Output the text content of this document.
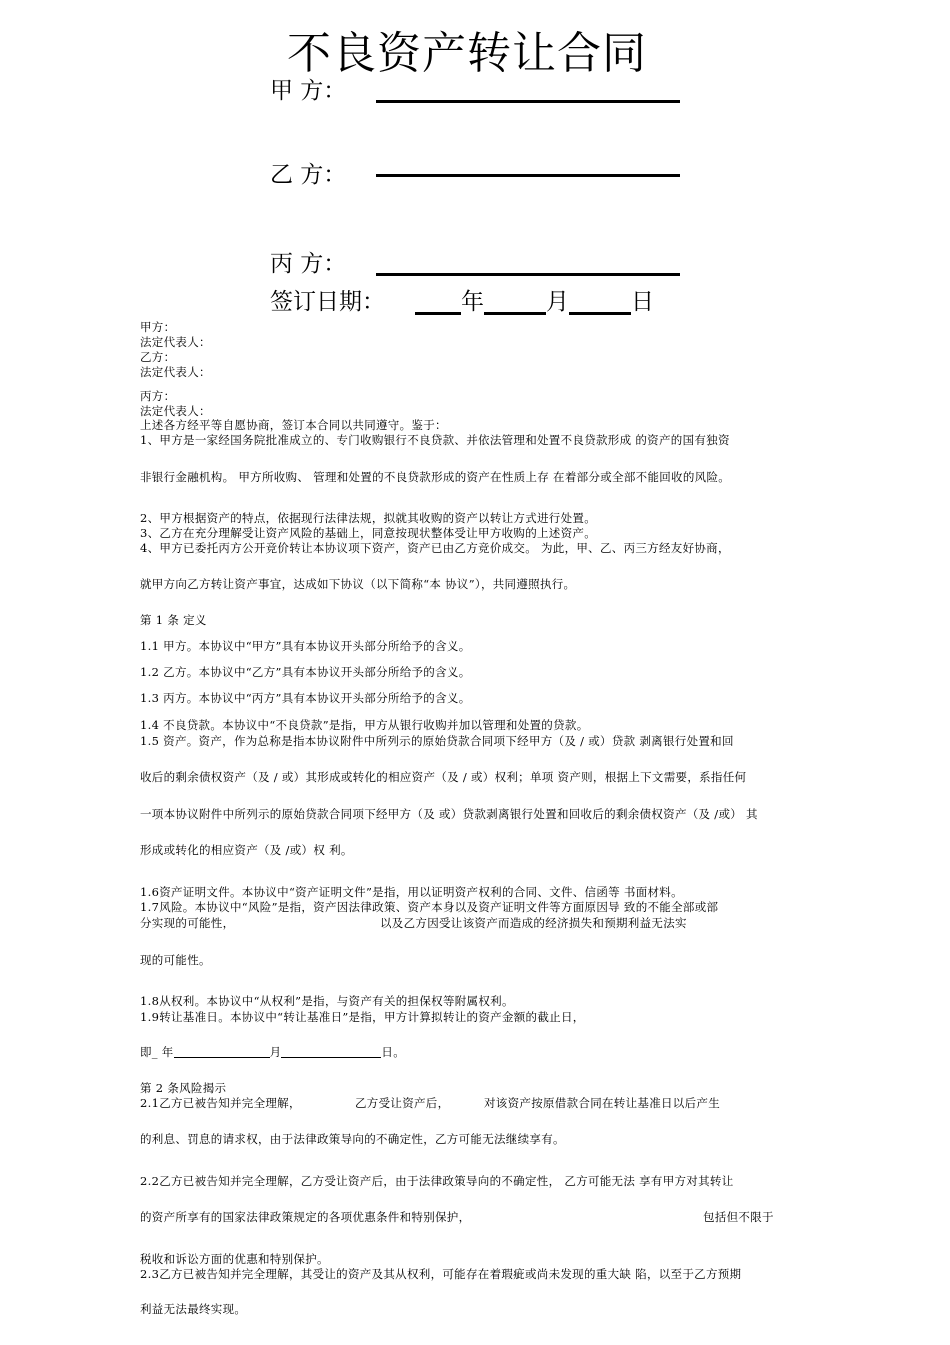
不良资产转让合同
甲 方：
乙 方：
丙 方：
签订日期：	年	月	日
甲方：
法定代表人：
乙方：
法定代表人：
丙方：
法定代表人：
上述各方经平等自愿协商，签订本合同以共同遵守。鉴于：
1、甲方是一家经国务院批准成立的、专门收购银行不良贷款、并依法管理和处置不良贷款形成 的资产的国有独资
非银行金融机构。 甲方所收购、 管理和处置的不良贷款形成的资产在性质上存 在着部分或全部不能回收的风险。
2、甲方根据资产的特点，依据现行法律法规，拟就其收购的资产以转让方式进行处置。
3、乙方在充分理解受让资产风险的基础上，同意按现状整体受让甲方收购的上述资产。
4、甲方已委托丙方公开竞价转让本协议项下资产，资产已由乙方竞价成交。 为此，甲、乙、丙三方经友好协商，
就甲方向乙方转让资产事宜，达成如下协议（以下简称“本 协议”），共同遵照执行。
第 1 条 定义
1.1 甲方。本协议中“甲方”具有本协议开头部分所给予的含义。
1.2 乙方。本协议中“乙方”具有本协议开头部分所给予的含义。
1.3 丙方。本协议中“丙方”具有本协议开头部分所给予的含义。
1.4 不良贷款。本协议中“不良贷款”是指，甲方从银行收购并加以管理和处置的贷款。
1.5 资产。资产，作为总称是指本协议附件中所列示的原始贷款合同项下经甲方（及 / 或）贷款 剥离银行处置和回
收后的剩余债权资产（及 / 或）其形成或转化的相应资产（及 / 或）权利；单项 资产则，根据上下文需要，系指任何
一项本协议附件中所列示的原始贷款合同项下经甲方（及 或）贷款剥离银行处置和回收后的剩余债权资产（及 /或） 其
形成或转化的相应资产（及 /或）权 利。
1.6资产证明文件。本协议中“资产证明文件”是指，用以证明资产权利的合同、文件、信函等 书面材料。
1.7风险。本协议中“风险”是指，资产因法律政策、资产本身以及资产证明文件等方面原因导 致的不能全部或部
分实现的可能性，	以及乙方因受让该资产而造成的经济损失和预期利益无法实
现的可能性。
1.8从权利。本协议中“从权利”是指，与资产有关的担保权等附属权利。
1.9转让基准日。本协议中“转让基准日”是指，甲方计算拟转让的资产金额的截止日，
即_ 年	月	日。
第 2 条风险揭示
2.1乙方已被告知并完全理解，	乙方受让资产后，	对该资产按原借款合同在转让基准日以后产生
的利息、罚息的请求权，由于法律政策导向的不确定性，乙方可能无法继续享有。
2.2乙方已被告知并完全理解，乙方受让资产后，由于法律政策导向的不确定性， 乙方可能无法 享有甲方对其转让
的资产所享有的国家法律政策规定的各项优惠条件和特别保护，	包括但不限于
税收和诉讼方面的优惠和特别保护。
2.3乙方已被告知并完全理解，其受让的资产及其从权利，可能存在着瑕疵或尚未发现的重大缺 陷，以至于乙方预期
利益无法最终实现。
